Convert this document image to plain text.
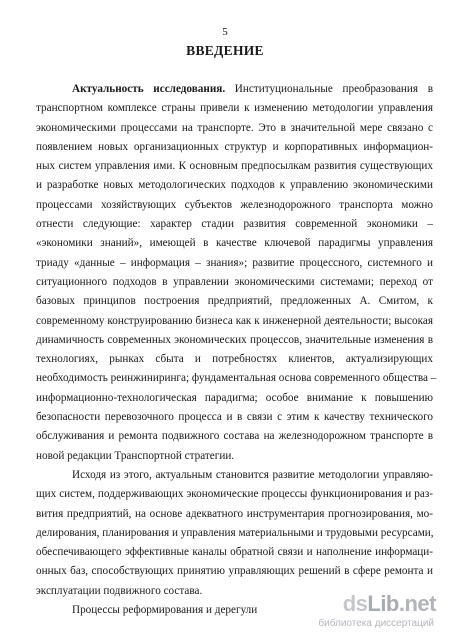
5
ВВЕДЕНИЕ
Актуальность исследования. Институциональные преобразования в
транспортном комплексе страны привели к изменению методологии управления
экономическими процессами на транспорте. Это в значительной мере связано с
появлением новых организационных структур и корпоративных информацион-
ных систем управления ими. К основным предпосылкам развития существующих
и разработке новых методологических подходов к управлению экономическими
процессами хозяйствующих субъектов железнодорожного транспорта можно
отнести следующие: характер стадии развития современной экономики –
«экономики знаний», имеющей в качестве ключевой парадигмы управления
триаду «данные – информация – знания»; развитие процессного, системного и
ситуационного подходов в управлении экономическими системами; переход от
базовых принципов построения предприятий, предложенных А. Смитом, к
современному конструированию бизнеса как к инженерной деятельности; высокая
динамичность современных экономических процессов, значительные изменения в
технологиях, рынках сбыта и потребностях клиентов, актуализирующих
необходимость реинжиниринга; фундаментальная основа современного общества –
информационно-технологическая парадигма; особое внимание к повышению
безопасности перевозочного процесса и в связи с этим к качеству технического
обслуживания и ремонта подвижного состава на железнодорожном транспорте в
новой редакции Транспортной стратегии.
Исходя из этого, актуальным становится развитие методологии управляю-
щих систем, поддерживающих экономические процессы функционирования и раз-
вития предприятий, на основе адекватного инструментария прогнозирования, мо-
делирования, планирования и управления материальными и трудовыми ресурсами,
обеспечивающего эффективные каналы обратной связи и наполнение информаци-
онных баз, способствующих принятию управляющих решений в сфере ремонта и
эксплуатации подвижного состава.
Процессы реформирования и дерегули	dsLib.net
библиотека диссертаций
